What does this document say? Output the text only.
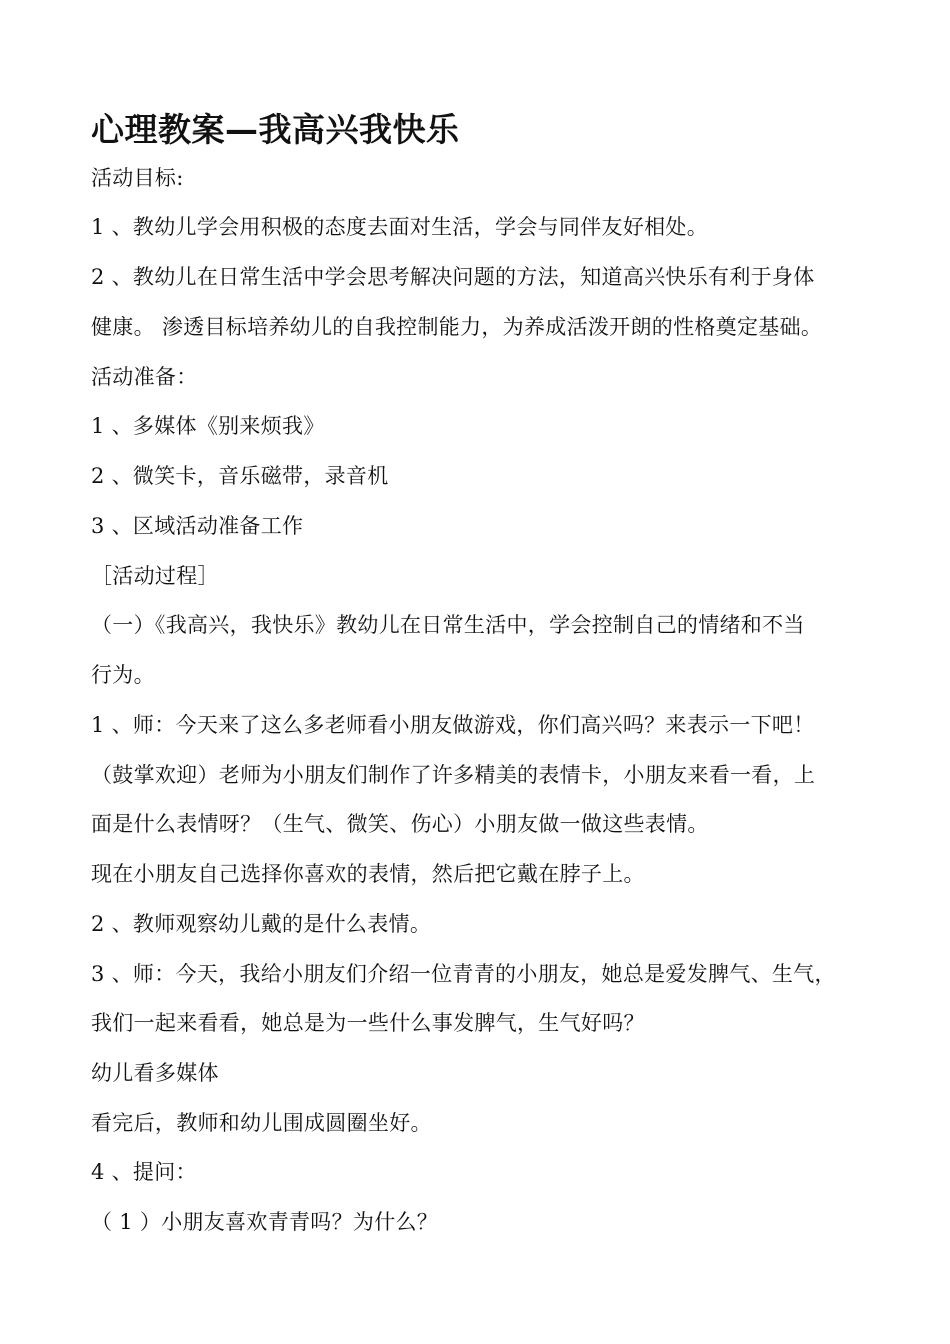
心理教案—我高兴我快乐
活动目标:
1 、教幼儿学会用积极的态度去面对生活，学会与同伴友好相处。
2 、教幼儿在日常生活中学会思考解决问题的方法，知道高兴快乐有利于身体
健康。 渗透目标培养幼儿的自我控制能力，为养成活泼开朗的性格奠定基础。
活动准备：
1 、多媒体《别来烦我》
2 、微笑卡，音乐磁带，录音机
3 、区域活动准备工作
［活动过程］
（一）《我高兴，我快乐》教幼儿在日常生活中，学会控制自己的情绪和不当
行为。
1 、师：今天来了这么多老师看小朋友做游戏，你们高兴吗？来表示一下吧！
（鼓掌欢迎）老师为小朋友们制作了许多精美的表情卡，小朋友来看一看，上
面是什么表情呀？（生气、微笑、伤心）小朋友做一做这些表情。
现在小朋友自己选择你喜欢的表情，然后把它戴在脖子上。
2 、教师观察幼儿戴的是什么表情。
3 、师：今天，我给小朋友们介绍一位青青的小朋友，她总是爱发脾气、生气，
我们一起来看看，她总是为一些什么事发脾气，生气好吗？
幼儿看多媒体
看完后，教师和幼儿围成圆圈坐好。
4 、提问：
（ 1 ）小朋友喜欢青青吗？为什么？
